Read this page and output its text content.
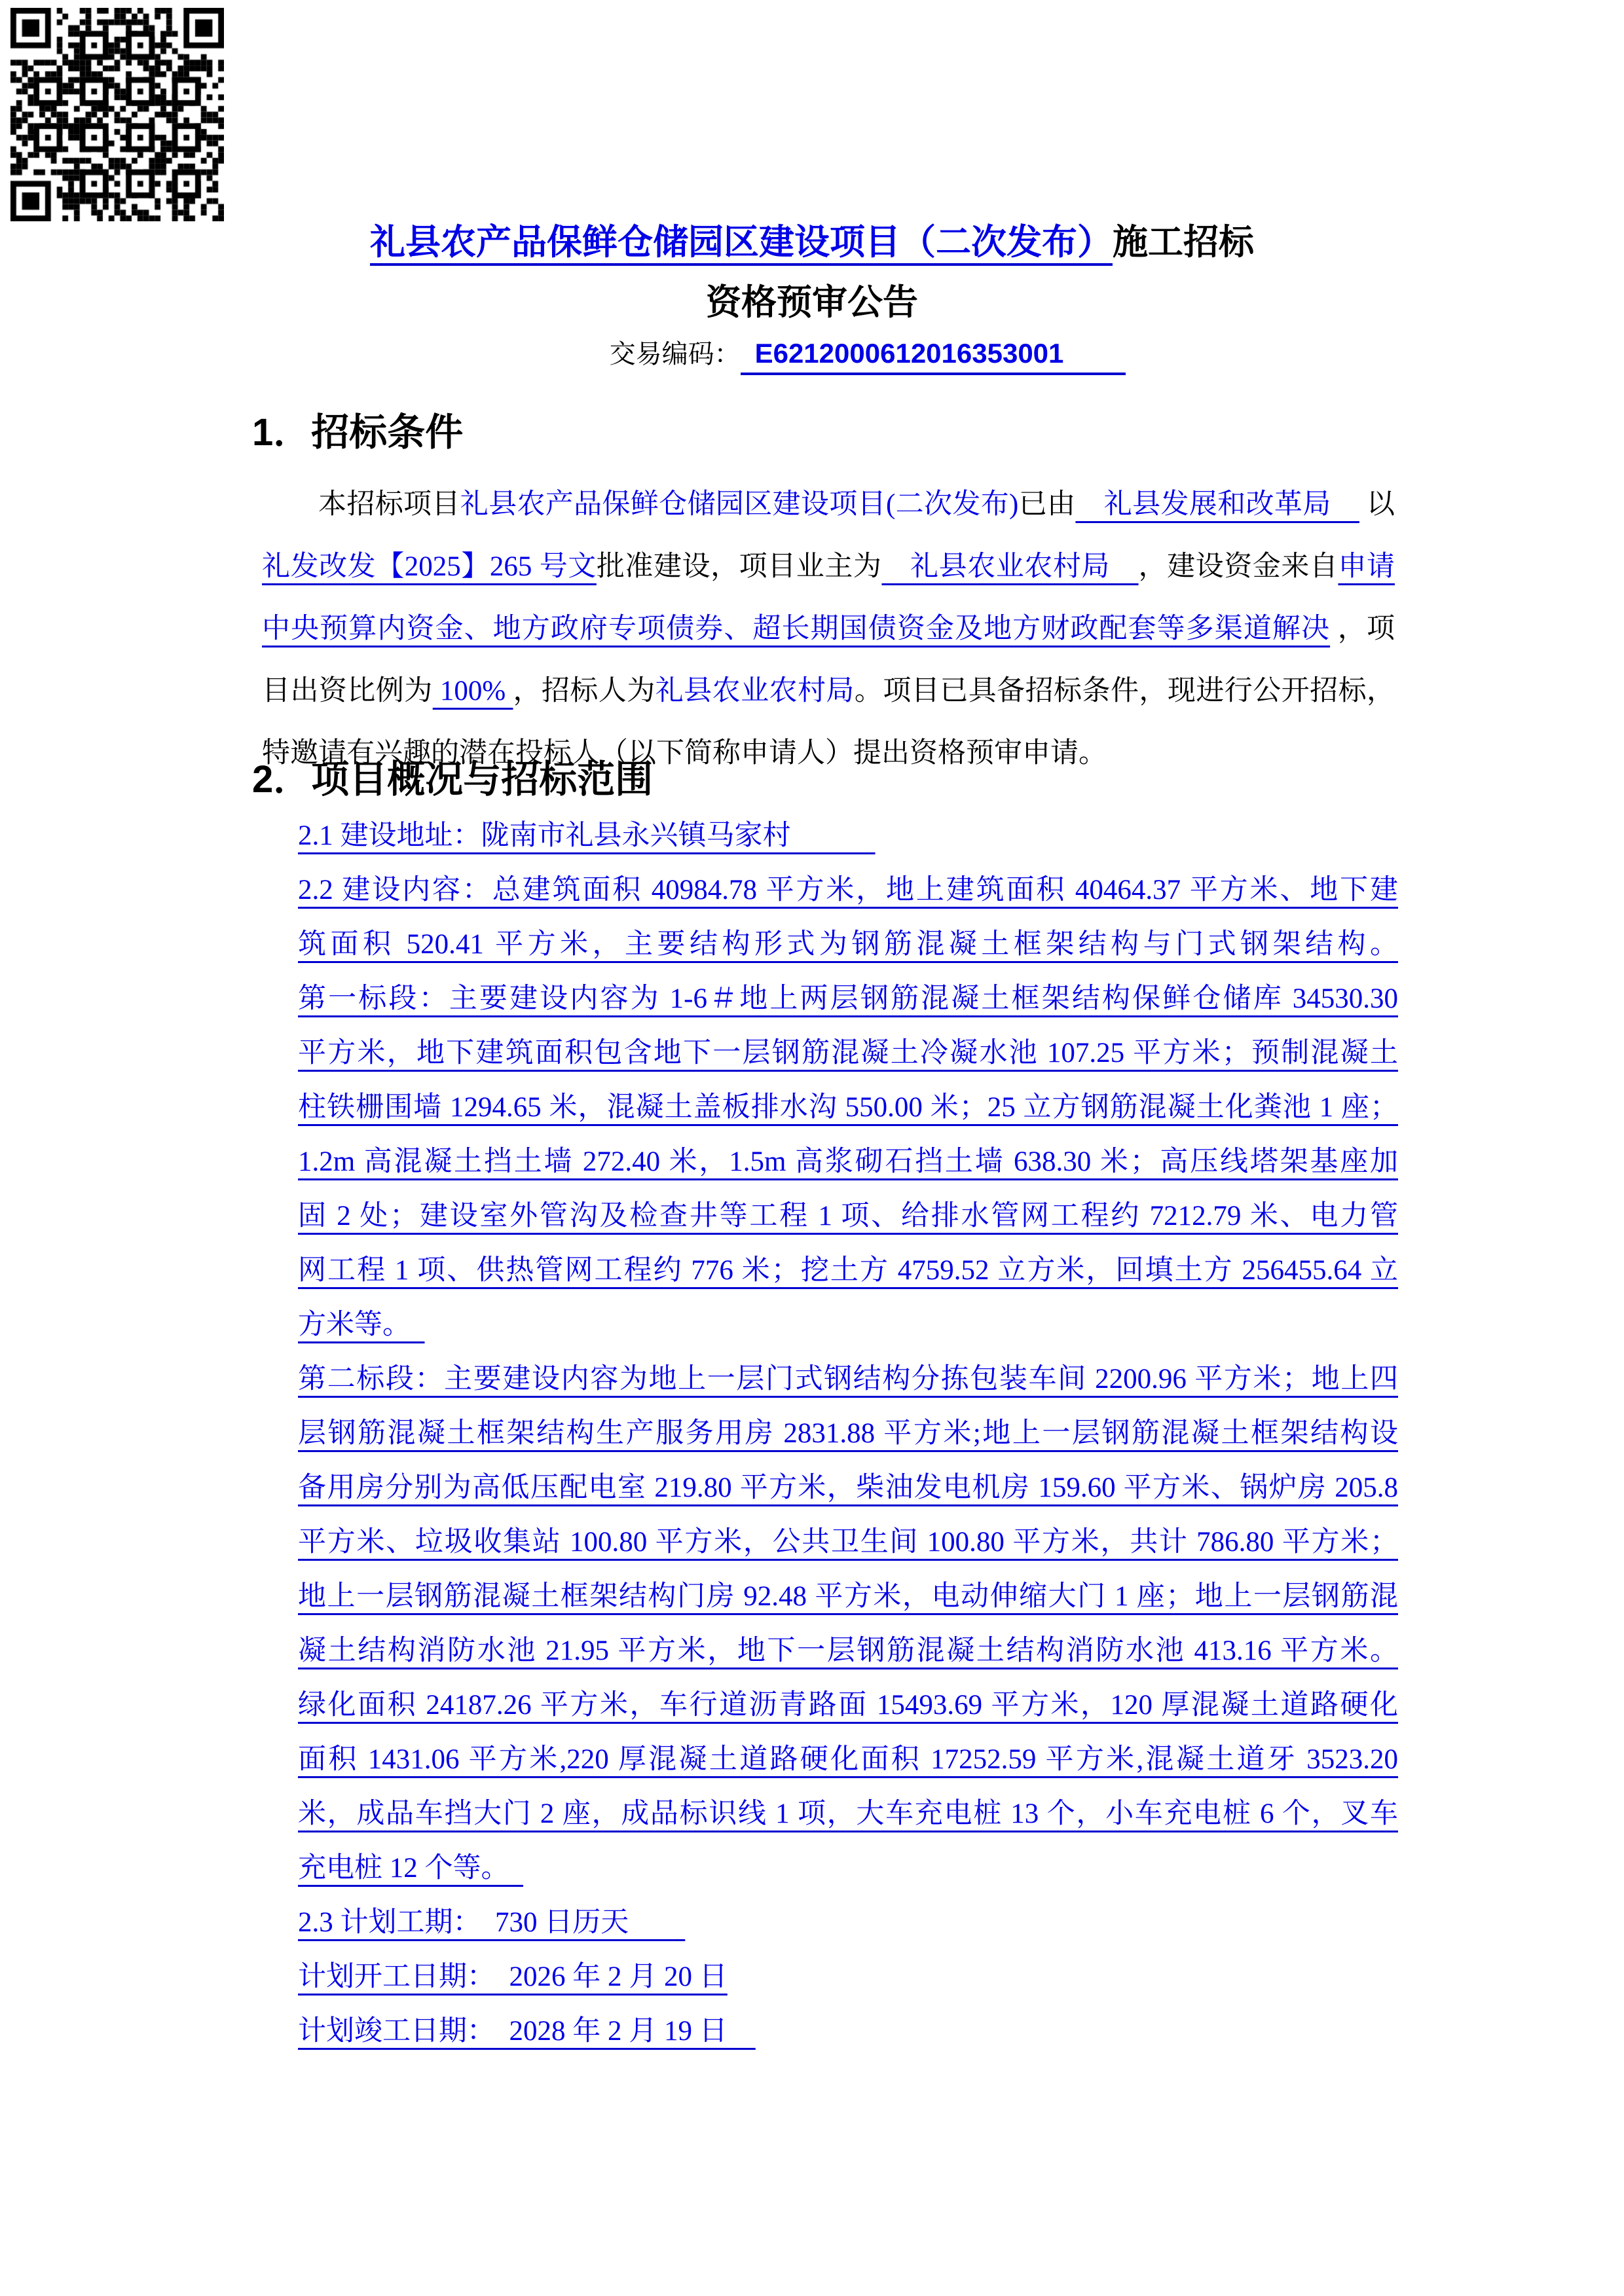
礼县农产品保鲜仓储园区建设项目（二次发布）施工招标
资格预审公告
交易编码： E6212000612016353001
1．招标条件
本招标项目礼县农产品保鲜仓储园区建设项目(二次发布)已由　礼县发展和改革局　 以
礼发改发【2025】265 号文批准建设，项目业主为　礼县农业农村局　，建设资金来自申请
中央预算内资金、地方政府专项债券、超长期国债资金及地方财政配套等多渠道解决 ，项
目出资比例为 100% ，招标人为礼县农业农村局。项目已具备招标条件，现进行公开招标，
特邀请有兴趣的潜在投标人（以下简称申请人）提出资格预审申请。
2．项目概况与招标范围
2.1 建设地址：陇南市礼县永兴镇马家村　　　
2.2 建设内容：总建筑面积 40984.78 平方米，地上建筑面积 40464.37 平方米、地下建
筑面积 520.41 平方米，主要结构形式为钢筋混凝土框架结构与门式钢架结构。
第一标段：主要建设内容为 1-6＃地上两层钢筋混凝土框架结构保鲜仓储库 34530.30
平方米，地下建筑面积包含地下一层钢筋混凝土冷凝水池 107.25 平方米；预制混凝土
柱铁栅围墙 1294.65 米，混凝土盖板排水沟 550.00 米；25 立方钢筋混凝土化粪池 1 座；
1.2m 高混凝土挡土墙 272.40 米，1.5m 高浆砌石挡土墙 638.30 米；高压线塔架基座加
固 2 处；建设室外管沟及检查井等工程 1 项、给排水管网工程约 7212.79 米、电力管
网工程 1 项、供热管网工程约 776 米；挖土方 4759.52 立方米，回填土方 256455.64 立
方米等。　
第二标段：主要建设内容为地上一层门式钢结构分拣包装车间 2200.96 平方米；地上四
层钢筋混凝土框架结构生产服务用房 2831.88 平方米;地上一层钢筋混凝土框架结构设
备用房分别为高低压配电室 219.80 平方米，柴油发电机房 159.60 平方米、锅炉房 205.8
平方米、垃圾收集站 100.80 平方米，公共卫生间 100.80 平方米，共计 786.80 平方米；
地上一层钢筋混凝土框架结构门房 92.48 平方米，电动伸缩大门 1 座；地上一层钢筋混
凝土结构消防水池 21.95 平方米，地下一层钢筋混凝土结构消防水池 413.16 平方米。
绿化面积 24187.26 平方米，车行道沥青路面 15493.69 平方米，120 厚混凝土道路硬化
面积 1431.06 平方米,220 厚混凝土道路硬化面积 17252.59 平方米,混凝土道牙 3523.20
米，成品车挡大门 2 座，成品标识线 1 项，大车充电桩 13 个，小车充电桩 6 个，叉车
充电桩 12 个等。　
2.3 计划工期：　730 日历天　　
计划开工日期：　2026 年 2 月 20 日
计划竣工日期：　2028 年 2 月 19 日　
